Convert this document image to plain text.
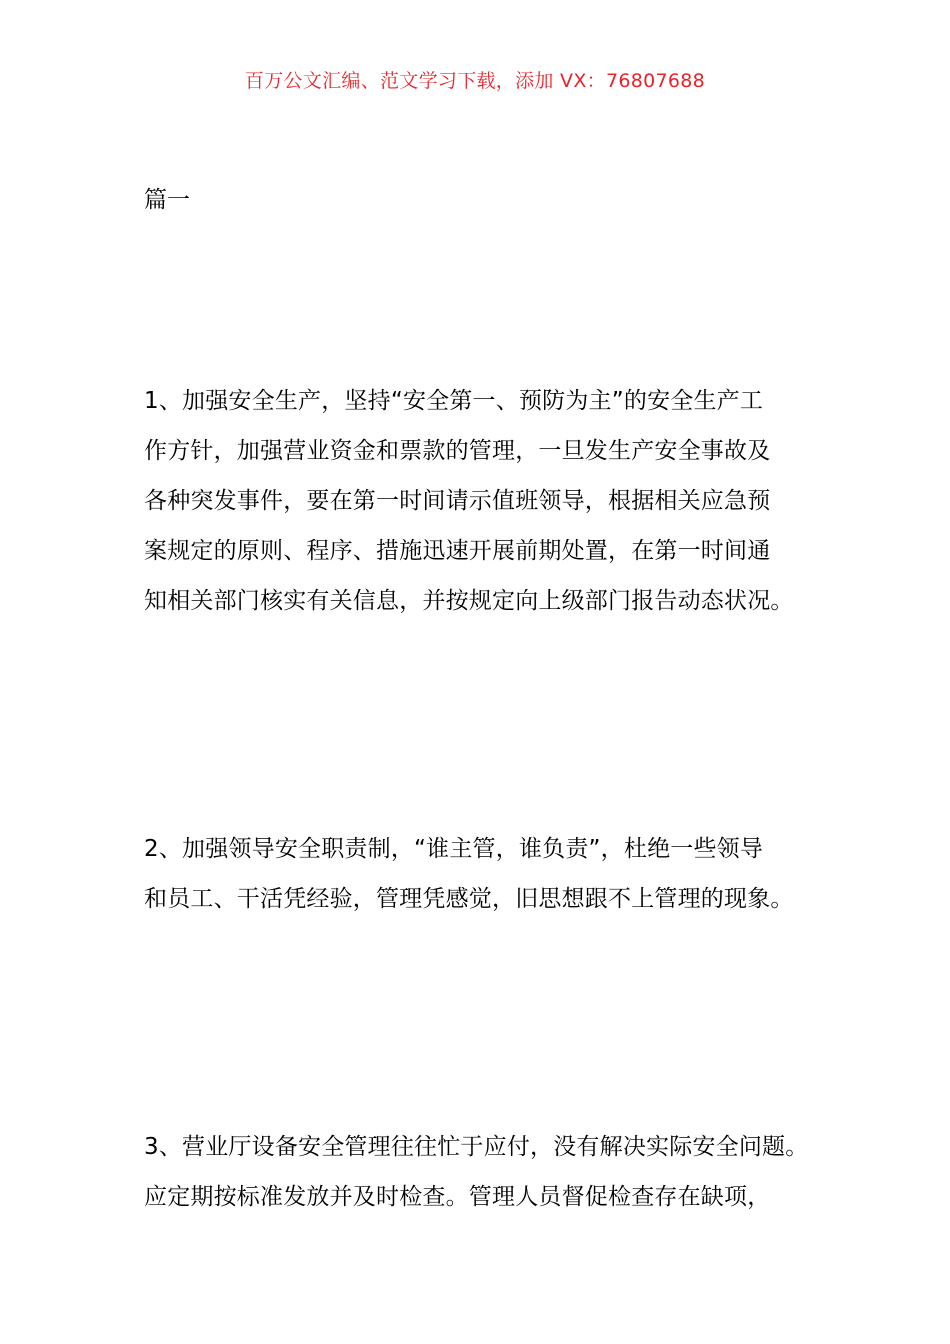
百万公文汇编、范文学习下载，添加 VX：76807688
篇一
1、加强安全生产，坚持“安全第一、预防为主”的安全生产工
作方针，加强营业资金和票款的管理，一旦发生产安全事故及
各种突发事件，要在第一时间请示值班领导，根据相关应急预
案规定的原则、程序、措施迅速开展前期处置，在第一时间通
知相关部门核实有关信息，并按规定向上级部门报告动态状况。
2、加强领导安全职责制，“谁主管，谁负责”，杜绝一些领导
和员工、干活凭经验，管理凭感觉，旧思想跟不上管理的现象。
3、营业厅设备安全管理往往忙于应付，没有解决实际安全问题。
应定期按标准发放并及时检查。管理人员督促检查存在缺项，
